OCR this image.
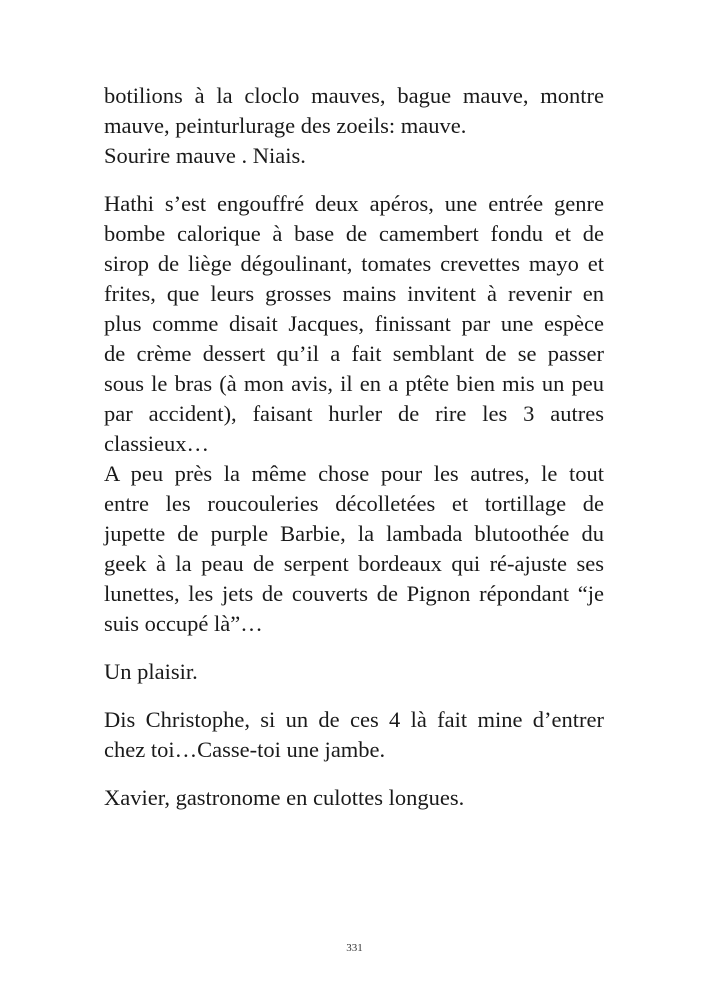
botilions à la cloclo mauves, bague mauve, montre
mauve, peinturlurage des zoeils: mauve.

Sourire mauve . Niais.

Hathi s’est engouffré deux apéros, une entrée genre
bombe calorique à base de camembert fondu et de
sirop de liège dégoulinant, tomates crevettes mayo et
frites, que leurs grosses mains invitent à revenir en
plus comme disait Jacques, finissant par une espèce
de crème dessert qu’il a fait semblant de se passer
sous le bras (à mon avis, il en a ptête bien mis un peu
par accident), faisant hurler de rire les 3 autres
classieux…

A peu près la même chose pour les autres, le tout
entre les roucouleries décolletées et tortillage de
jupette de purple Barbie, la lambada blutoothée du
geek à la peau de serpent bordeaux qui ré-ajuste ses
lunettes, les jets de couverts de Pignon répondant “je
suis occupé là”…

Un plaisir.

Dis Christophe, si un de ces 4 là fait mine d’entrer
chez toi…Casse-toi une jambe.

Xavier, gastronome en culottes longues.

331
